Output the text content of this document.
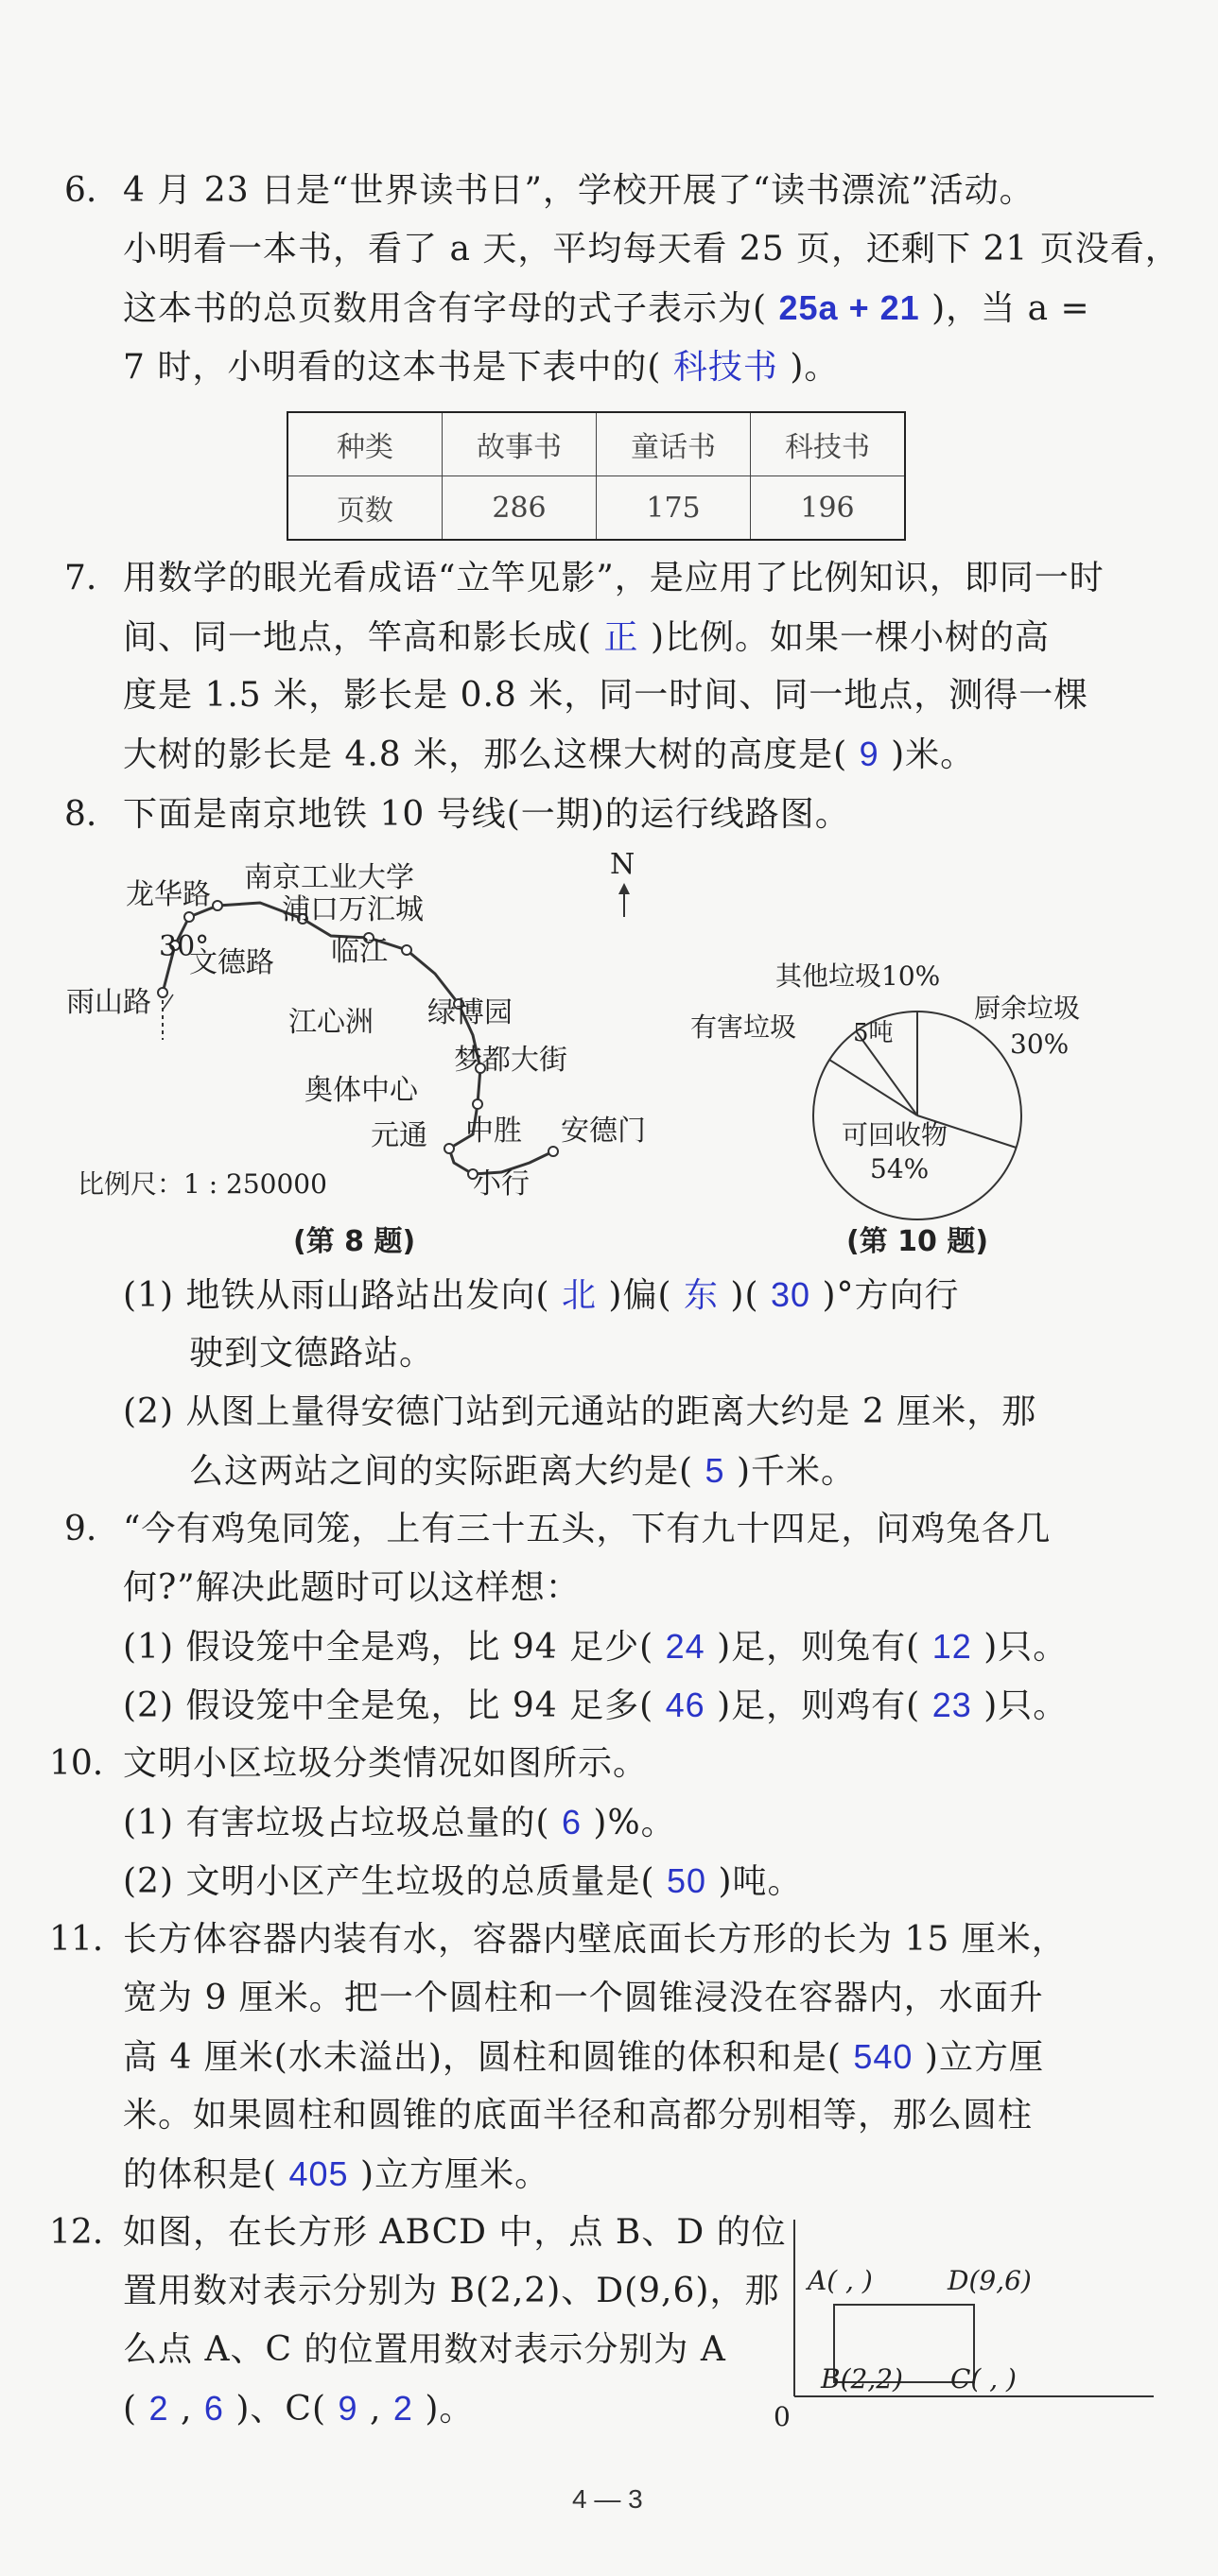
6. 4 月 23 日是“世界读书日”，学校开展了“读书漂流”活动。
小明看一本书，看了 a 天，平均每天看 25 页，还剩下 21 页没看，
这本书的总页数用含有字母的式子表示为( 25a + 21 )，当 a =
7 时，小明看的这本书是下表中的( 科技书 )。
种类	故事书	童话书	科技书
页数	286	175	196
7. 用数学的眼光看成语“立竿见影”，是应用了比例知识，即同一时
间、同一地点，竿高和影长成( 正 )比例。如果一棵小树的高
度是 1.5 米，影长是 0.8 米，同一时间、同一地点，测得一棵
大树的影长是 4.8 米，那么这棵大树的高度是( 9 )米。
8. 下面是南京地铁 10 号线(一期)的运行线路图。
N
龙华路
南京工业大学
浦口万汇城
30°
文德路 临江
雨山路
江心洲 绿博园
梦都大街
奥体中心
元通 中胜 安德门
小行
比例尺：1 : 250000
(第 8 题)
其他垃圾10%
有害垃圾 5吨
厨余垃圾
30%
可回收物
54%
(第 10 题)
(1) 地铁从雨山路站出发向( 北 )偏( 东 )( 30 )°方向行
驶到文德路站。
(2) 从图上量得安德门站到元通站的距离大约是 2 厘米，那
么这两站之间的实际距离大约是( 5 )千米。
9. “今有鸡兔同笼，上有三十五头，下有九十四足，问鸡兔各几
何?”解决此题时可以这样想：
(1) 假设笼中全是鸡，比 94 足少( 24 )足，则兔有( 12 )只。
(2) 假设笼中全是兔，比 94 足多( 46 )足，则鸡有( 23 )只。
10. 文明小区垃圾分类情况如图所示。
(1) 有害垃圾占垃圾总量的( 6 )%。
(2) 文明小区产生垃圾的总质量是( 50 )吨。
11. 长方体容器内装有水，容器内壁底面长方形的长为 15 厘米，
宽为 9 厘米。把一个圆柱和一个圆锥浸没在容器内，水面升
高 4 厘米(水未溢出)，圆柱和圆锥的体积和是( 540 )立方厘
米。如果圆柱和圆锥的底面半径和高都分别相等，那么圆柱
的体积是( 405 )立方厘米。
12. 如图，在长方形 ABCD 中，点 B、D 的位
置用数对表示分别为 B(2,2)、D(9,6)，那
么点 A、C 的位置用数对表示分别为 A
( 2 , 6 )、C( 9 , 2 )。
A( , )	D(9,6)
B(2,2) C( , )
0
4 — 3
